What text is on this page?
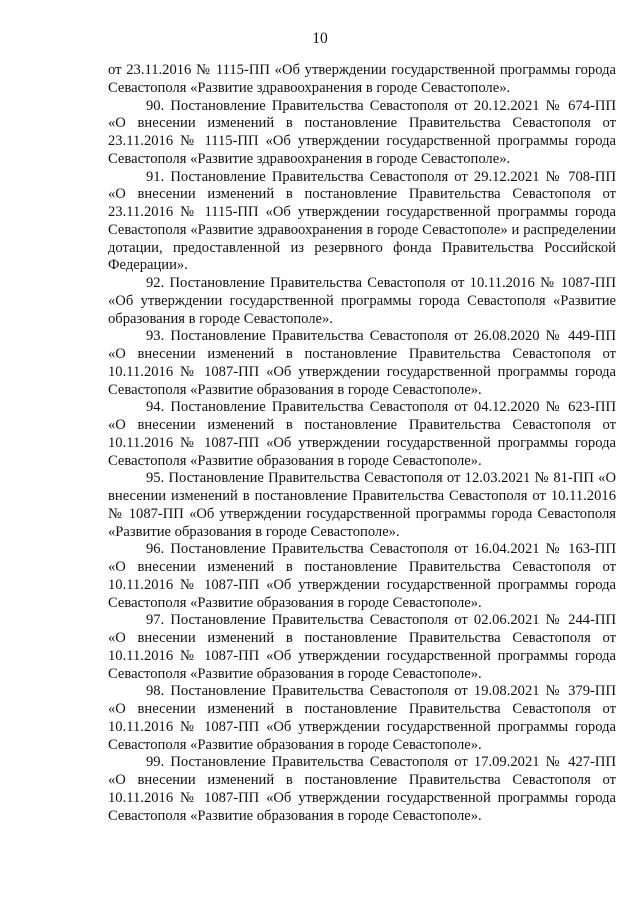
10

от 23.11.2016 № 1115-ПП «Об утверждении государственной программы города Севастополя «Развитие здравоохранения в городе Севастополе».

90. Постановление Правительства Севастополя от 20.12.2021 № 674-ПП «О внесении изменений в постановление Правительства Севастополя от 23.11.2016 № 1115-ПП «Об утверждении государственной программы города Севастополя «Развитие здравоохранения в городе Севастополе».

91. Постановление Правительства Севастополя от 29.12.2021 № 708-ПП «О внесении изменений в постановление Правительства Севастополя от 23.11.2016 № 1115-ПП «Об утверждении государственной программы города Севастополя «Развитие здравоохранения в городе Севастополе» и распределении дотации, предоставленной из резервного фонда Правительства Российской Федерации».

92. Постановление Правительства Севастополя от 10.11.2016 № 1087-ПП «Об утверждении государственной программы города Севастополя «Развитие образования в городе Севастополе».

93. Постановление Правительства Севастополя от 26.08.2020 № 449-ПП «О внесении изменений в постановление Правительства Севастополя от 10.11.2016 № 1087-ПП «Об утверждении государственной программы города Севастополя «Развитие образования в городе Севастополе».

94. Постановление Правительства Севастополя от 04.12.2020 № 623-ПП «О внесении изменений в постановление Правительства Севастополя от 10.11.2016 № 1087-ПП «Об утверждении государственной программы города Севастополя «Развитие образования в городе Севастополе».

95. Постановление Правительства Севастополя от 12.03.2021 № 81-ПП «О внесении изменений в постановление Правительства Севастополя от 10.11.2016 № 1087-ПП «Об утверждении государственной программы города Севастополя «Развитие образования в городе Севастополе».

96. Постановление Правительства Севастополя от 16.04.2021 № 163-ПП «О внесении изменений в постановление Правительства Севастополя от 10.11.2016 № 1087-ПП «Об утверждении государственной программы города Севастополя «Развитие образования в городе Севастополе».

97. Постановление Правительства Севастополя от 02.06.2021 № 244-ПП «О внесении изменений в постановление Правительства Севастополя от 10.11.2016 № 1087-ПП «Об утверждении государственной программы города Севастополя «Развитие образования в городе Севастополе».

98. Постановление Правительства Севастополя от 19.08.2021 № 379-ПП «О внесении изменений в постановление Правительства Севастополя от 10.11.2016 № 1087-ПП «Об утверждении государственной программы города Севастополя «Развитие образования в городе Севастополе».

99. Постановление Правительства Севастополя от 17.09.2021 № 427-ПП «О внесении изменений в постановление Правительства Севастополя от 10.11.2016 № 1087-ПП «Об утверждении государственной программы города Севастополя «Развитие образования в городе Севастополе».
